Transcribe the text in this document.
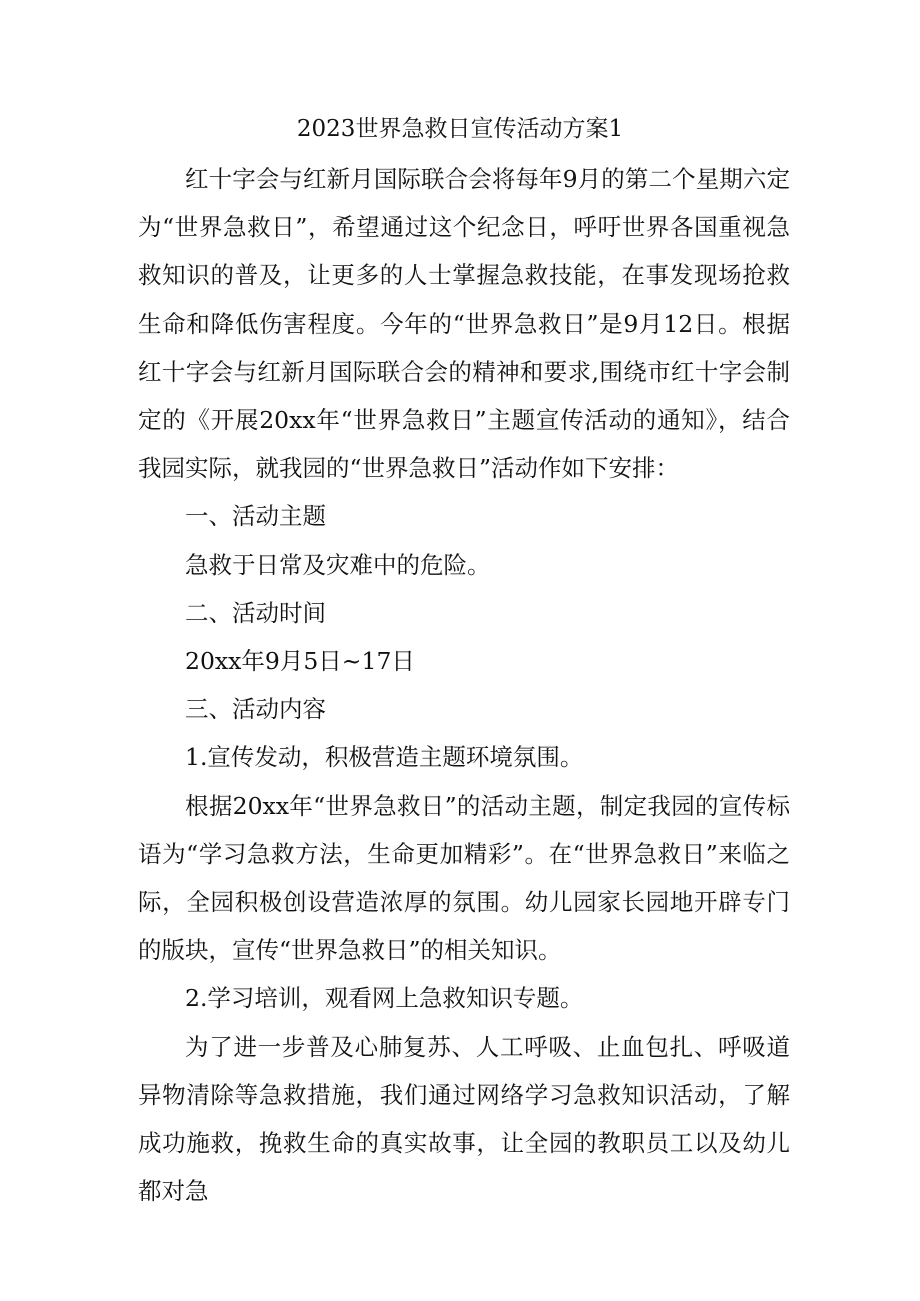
2023世界急救日宣传活动方案1

红十字会与红新月国际联合会将每年9月的第二个星期六定为“世界急救日”，希望通过这个纪念日，呼吁世界各国重视急救知识的普及，让更多的人士掌握急救技能，在事发现场抢救生命和降低伤害程度。今年的“世界急救日”是9月12日。根据红十字会与红新月国际联合会的精神和要求,围绕市红十字会制定的《开展20xx年“世界急救日”主题宣传活动的通知》，结合我园实际，就我园的“世界急救日”活动作如下安排：

一、活动主题

急救于日常及灾难中的危险。

二、活动时间

20xx年9月5日~17日

三、活动内容

1.宣传发动，积极营造主题环境氛围。

根据20xx年“世界急救日”的活动主题，制定我园的宣传标语为“学习急救方法，生命更加精彩”。在“世界急救日”来临之际，全园积极创设营造浓厚的氛围。幼儿园家长园地开辟专门的版块，宣传“世界急救日”的相关知识。

2.学习培训，观看网上急救知识专题。

为了进一步普及心肺复苏、人工呼吸、止血包扎、呼吸道异物清除等急救措施，我们通过网络学习急救知识活动，了解成功施救，挽救生命的真实故事，让全园的教职员工以及幼儿都对急
